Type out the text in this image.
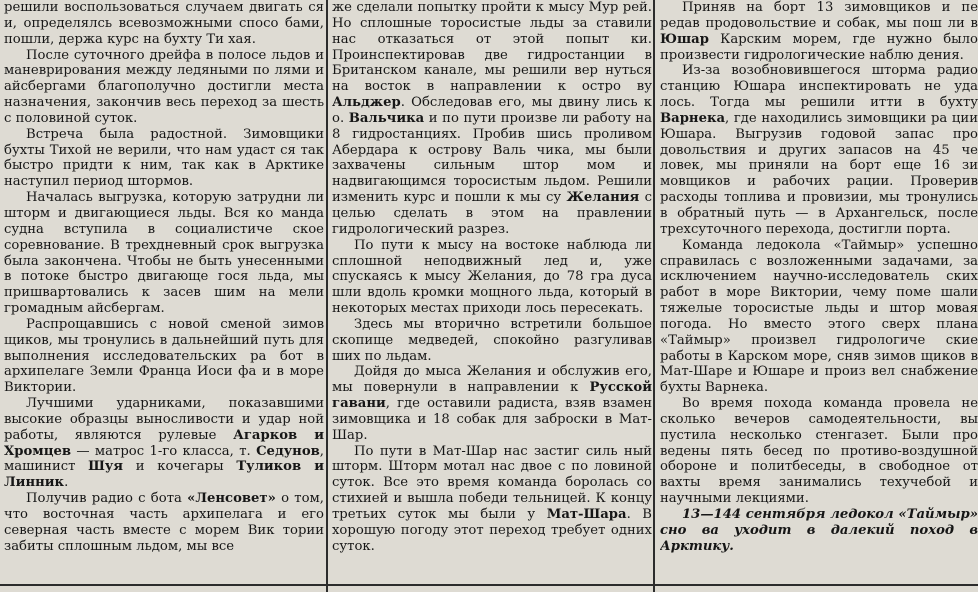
решили воспользоваться случаем двигать ся и, определялсь всевозможными спосо бами, пошли, держа курс на бухту Ти хая.

После суточного дрейфа в полосе льдов и маневрирования между ледяными по лями и айсбергами благополучно достигли места назначения, закончив весь переход за шесть с половиной суток.

Встреча была радостной. Зимовщики бухты Тихой не верили, что нам удаст ся так быстро придти к ним, так как в Арктике наступил период штормов.

Началась выгрузка, которую затрудни ли шторм и двигающиеся льды. Вся ко манда судна вступила в социалистиче ское соревнование. В трехдневный срок выгрузка была закончена. Чтобы не быть унесенными в потоке быстро двигающе гося льда, мы пришвартовались к засев шим на мели громадным айсбергам.

Распрощавшись с новой сменой зимов щиков, мы тронулись в дальнейший путь для выполнения исследовательских ра бот в архипелаге Земли Франца Иоси фа и в море Виктории.

Лучшими ударниками, показавшими высокие образцы выносливости и удар ной работы, являются рулевые Агарков и Хромцев — матрос 1-го класса, т. Седунов, машинист Шуя и кочегары Туликов и Линник.

Получив радио с бота «Ленсовет» о том, что восточная часть архипелага и его северная часть вместе с морем Вик тории забиты сплошным льдом, мы все

же сделали попытку пройти к мысу Мур рей. Но сплошные торосистые льды за ставили нас отказаться от этой попыт ки. Проинспектировав две гидростанции в Британском канале, мы решили вер нуться на восток в направлении к остро ву Альджер. Обследовав его, мы двину лись к о. Вальчика и по пути произве ли работу на 8 гидростанциях. Пробив шись проливом Абердара к острову Валь чика, мы были захвачены сильным штор мом и надвигающимся торосистым льдом. Решили изменить курс и пошли к мы су Желания с целью сделать в этом на правлении гидрологический разрез.

По пути к мысу на востоке наблюда ли сплошной неподвижный лед и, уже спускаясь к мысу Желания, до 78 гра дуса шли вдоль кромки мощного льда, который в некоторых местах приходи лось пересекать.

Здесь мы вторично встретили большое скопище медведей, спокойно разгуливав ших по льдам.

Дойдя до мыса Желания и обслужив его, мы повернули в направлении к Русской гавани, где оставили радиста, взяв взамен зимовщика и 18 собак для заброски в Мат-Шар.

По пути в Мат-Шар нас застиг силь ный шторм. Шторм мотал нас двое с по ловиной суток. Все это время команда боролась со стихией и вышла победи тельницей. К концу третьих суток мы были у Мат-Шара. В хорошую погоду этот переход требует одних суток.

Приняв на борт 13 зимовщиков и пе редав продовольствие и собак, мы пош ли в Юшар Карским морем, где нужно было произвести гидрологические наблю дения.

Из-за возобновившегося шторма радио станцию Юшара инспектировать не уда лось. Тогда мы решили итти в бухту Варнека, где находились зимовщики ра ции Юшара. Выгрузив годовой запас про довольствия и других запасов на 45 че ловек, мы приняли на борт еще 16 зи мовщиков и рабочих рации. Проверив расходы топлива и провизии, мы тронулись в обратный путь — в Архангельск, после трехсуточного перехода, достигли порта.

Команда ледокола «Таймыр» успешно справилась с возложенными задачами, за исключением научно-исследователь ских работ в море Виктории, чему поме шали тяжелые торосистые льды и штор мовая погода. Но вместо этого сверх плана «Таймыр» произвел гидрологиче ские работы в Карском море, сняв зимов щиков в Мат-Шаре и Юшаре и произ вел снабжение бухты Варнека.

Во время похода команда провела не сколько вечеров самодеятельности, вы пустила несколько стенгазет. Были про ведены пять бесед по противо-воздушной обороне и политбеседы, в свободное от вахты время занимались техучебой и научными лекциями.

13—144 сентября ледокол «Таймыр» сно ва уходит в далекий поход в Арктику.
